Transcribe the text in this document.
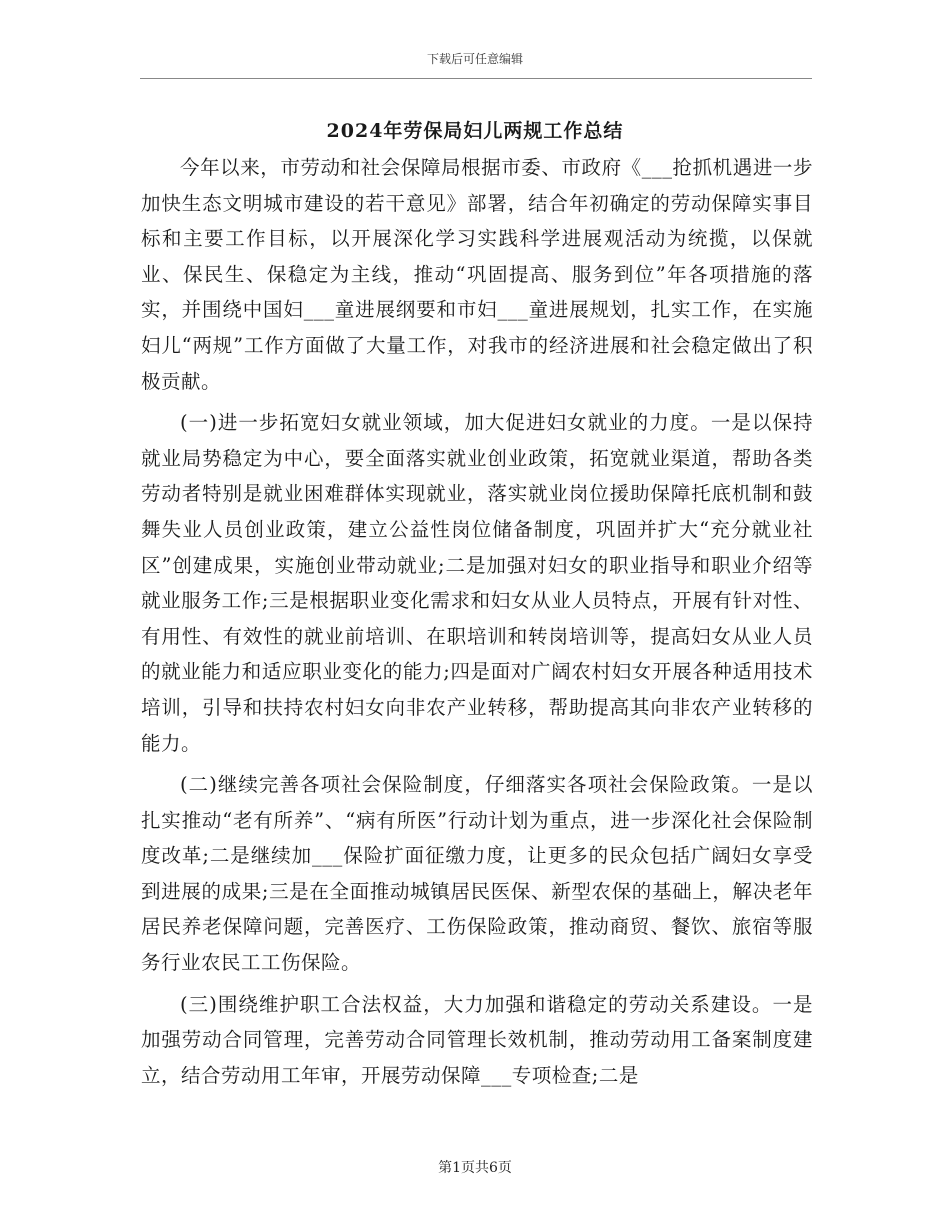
下载后可任意编辑
2024年劳保局妇儿两规工作总结

今年以来，市劳动和社会保障局根据市委、市政府《___抢抓机遇进一步加快生态文明城市建设的若干意见》部署，结合年初确定的劳动保障实事目标和主要工作目标，以开展深化学习实践科学进展观活动为统揽，以保就业、保民生、保稳定为主线，推动“巩固提高、服务到位”年各项措施的落实，并围绕中国妇___童进展纲要和市妇___童进展规划，扎实工作，在实施妇儿“两规”工作方面做了大量工作，对我市的经济进展和社会稳定做出了积极贡献。

(一)进一步拓宽妇女就业领域，加大促进妇女就业的力度。一是以保持就业局势稳定为中心，要全面落实就业创业政策，拓宽就业渠道，帮助各类劳动者特别是就业困难群体实现就业，落实就业岗位援助保障托底机制和鼓舞失业人员创业政策，建立公益性岗位储备制度，巩固并扩大“充分就业社区”创建成果，实施创业带动就业;二是加强对妇女的职业指导和职业介绍等就业服务工作;三是根据职业变化需求和妇女从业人员特点，开展有针对性、有用性、有效性的就业前培训、在职培训和转岗培训等，提高妇女从业人员的就业能力和适应职业变化的能力;四是面对广阔农村妇女开展各种适用技术培训，引导和扶持农村妇女向非农产业转移，帮助提高其向非农产业转移的能力。

(二)继续完善各项社会保险制度，仔细落实各项社会保险政策。一是以扎实推动“老有所养”、“病有所医”行动计划为重点，进一步深化社会保险制度改革;二是继续加___保险扩面征缴力度，让更多的民众包括广阔妇女享受到进展的成果;三是在全面推动城镇居民医保、新型农保的基础上，解决老年居民养老保障问题，完善医疗、工伤保险政策，推动商贸、餐饮、旅宿等服务行业农民工工伤保险。

(三)围绕维护职工合法权益，大力加强和谐稳定的劳动关系建设。一是加强劳动合同管理，完善劳动合同管理长效机制，推动劳动用工备案制度建立，结合劳动用工年审，开展劳动保障___专项检查;二是

第1页共6页
